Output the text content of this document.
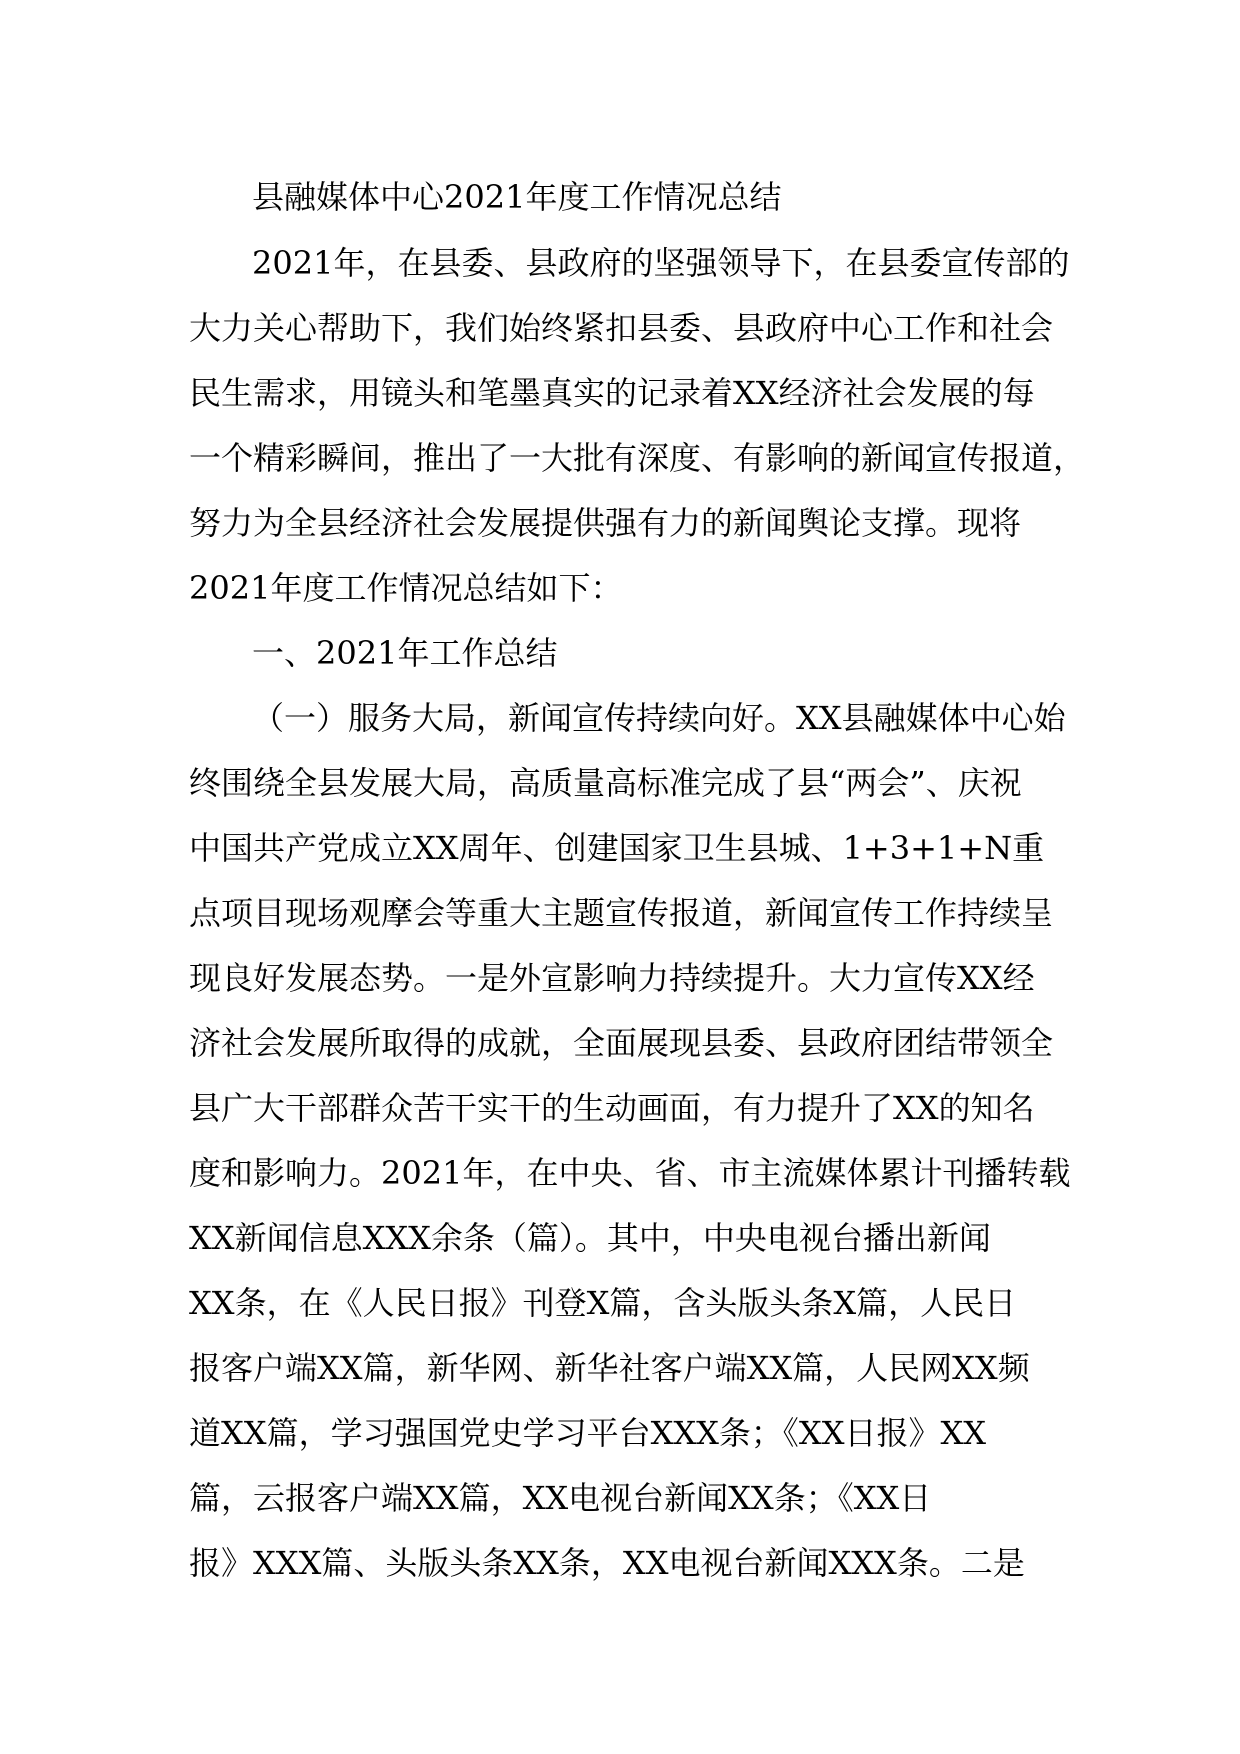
县融媒体中心2021年度工作情况总结
2021年，在县委、县政府的坚强领导下，在县委宣传部的
大力关心帮助下，我们始终紧扣县委、县政府中心工作和社会
民生需求，用镜头和笔墨真实的记录着XX经济社会发展的每
一个精彩瞬间，推出了一大批有深度、有影响的新闻宣传报道，
努力为全县经济社会发展提供强有力的新闻舆论支撑。现将
2021年度工作情况总结如下：
一、2021年工作总结
（一）服务大局，新闻宣传持续向好。XX县融媒体中心始
终围绕全县发展大局，高质量高标准完成了县“两会”、庆祝
中国共产党成立XX周年、创建国家卫生县城、1+3+1+N重
点项目现场观摩会等重大主题宣传报道，新闻宣传工作持续呈
现良好发展态势。一是外宣影响力持续提升。大力宣传XX经
济社会发展所取得的成就，全面展现县委、县政府团结带领全
县广大干部群众苦干实干的生动画面，有力提升了XX的知名
度和影响力。2021年，在中央、省、市主流媒体累计刊播转载
XX新闻信息XXX余条（篇）。其中，中央电视台播出新闻
XX条，在《人民日报》刊登X篇，含头版头条X篇，人民日
报客户端XX篇，新华网、新华社客户端XX篇，人民网XX频
道XX篇，学习强国党史学习平台XXX条；《XX日报》XX
篇，云报客户端XX篇，XX电视台新闻XX条；《XX日
报》XXX篇、头版头条XX条，XX电视台新闻XXX条。二是
